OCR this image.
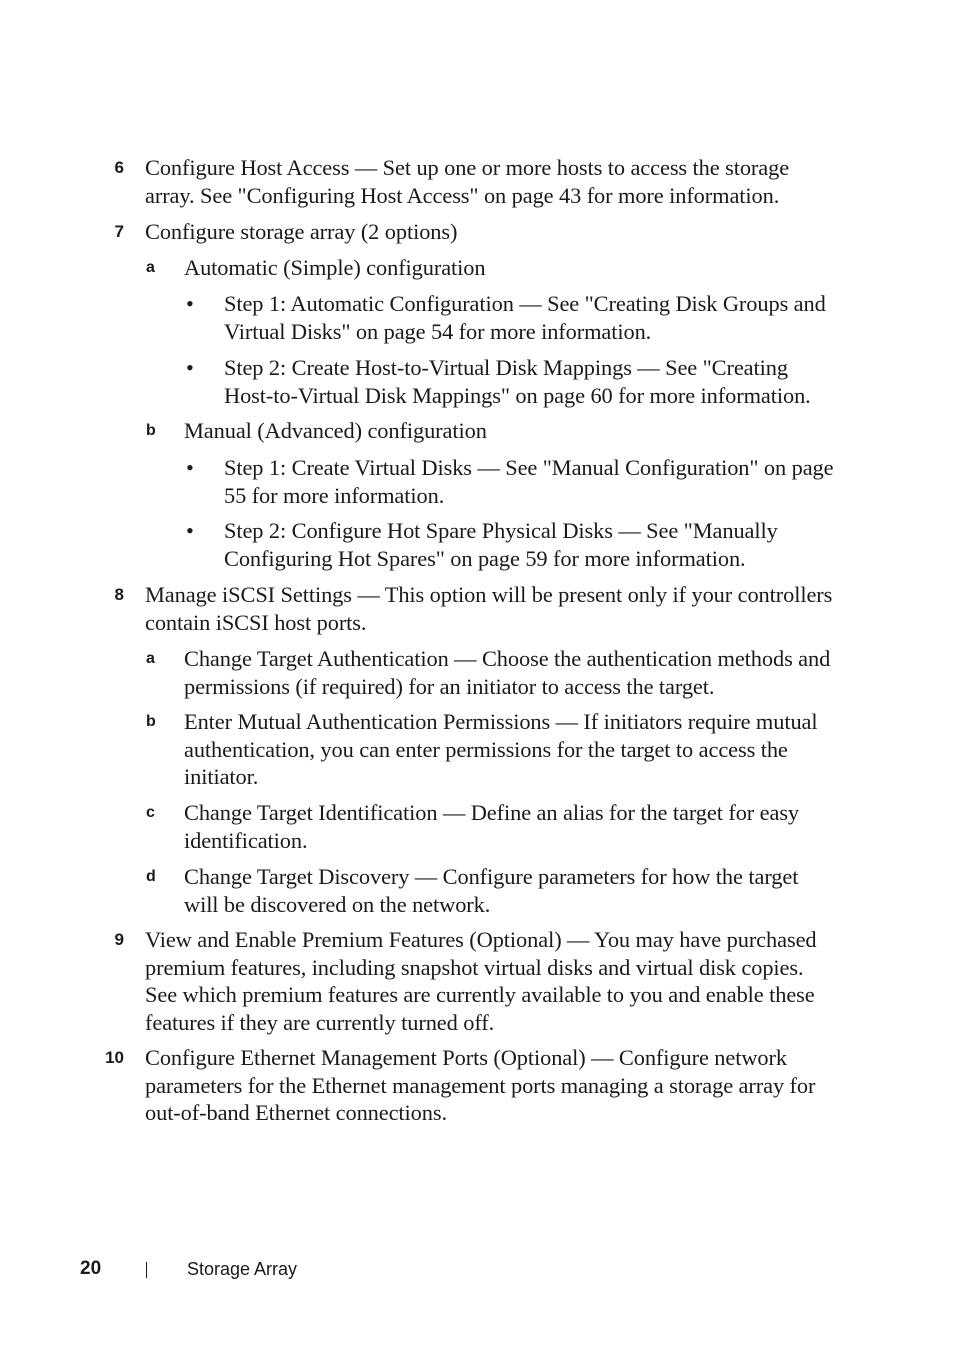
6 Configure Host Access — Set up one or more hosts to access the storage array. See "Configuring Host Access" on page 43 for more information.
7 Configure storage array (2 options)
a	Automatic (Simple) configuration
• Step 1: Automatic Configuration — See "Creating Disk Groups and Virtual Disks" on page 54 for more information.
• Step 2: Create Host-to-Virtual Disk Mappings — See "Creating Host-to-Virtual Disk Mappings" on page 60 for more information.
b	Manual (Advanced) configuration
• Step 1: Create Virtual Disks — See "Manual Configuration" on page 55 for more information.
• Step 2: Configure Hot Spare Physical Disks — See "Manually Configuring Hot Spares" on page 59 for more information.
8 Manage iSCSI Settings — This option will be present only if your controllers contain iSCSI host ports.
a	Change Target Authentication — Choose the authentication methods and permissions (if required) for an initiator to access the target.
b	Enter Mutual Authentication Permissions — If initiators require mutual authentication, you can enter permissions for the target to access the initiator.
c	Change Target Identification — Define an alias for the target for easy identification.
d	Change Target Discovery — Configure parameters for how the target will be discovered on the network.
9 View and Enable Premium Features (Optional) — You may have purchased premium features, including snapshot virtual disks and virtual disk copies. See which premium features are currently available to you and enable these features if they are currently turned off.
10 Configure Ethernet Management Ports (Optional) — Configure network parameters for the Ethernet management ports managing a storage array for out-of-band Ethernet connections.
20	Storage Array
